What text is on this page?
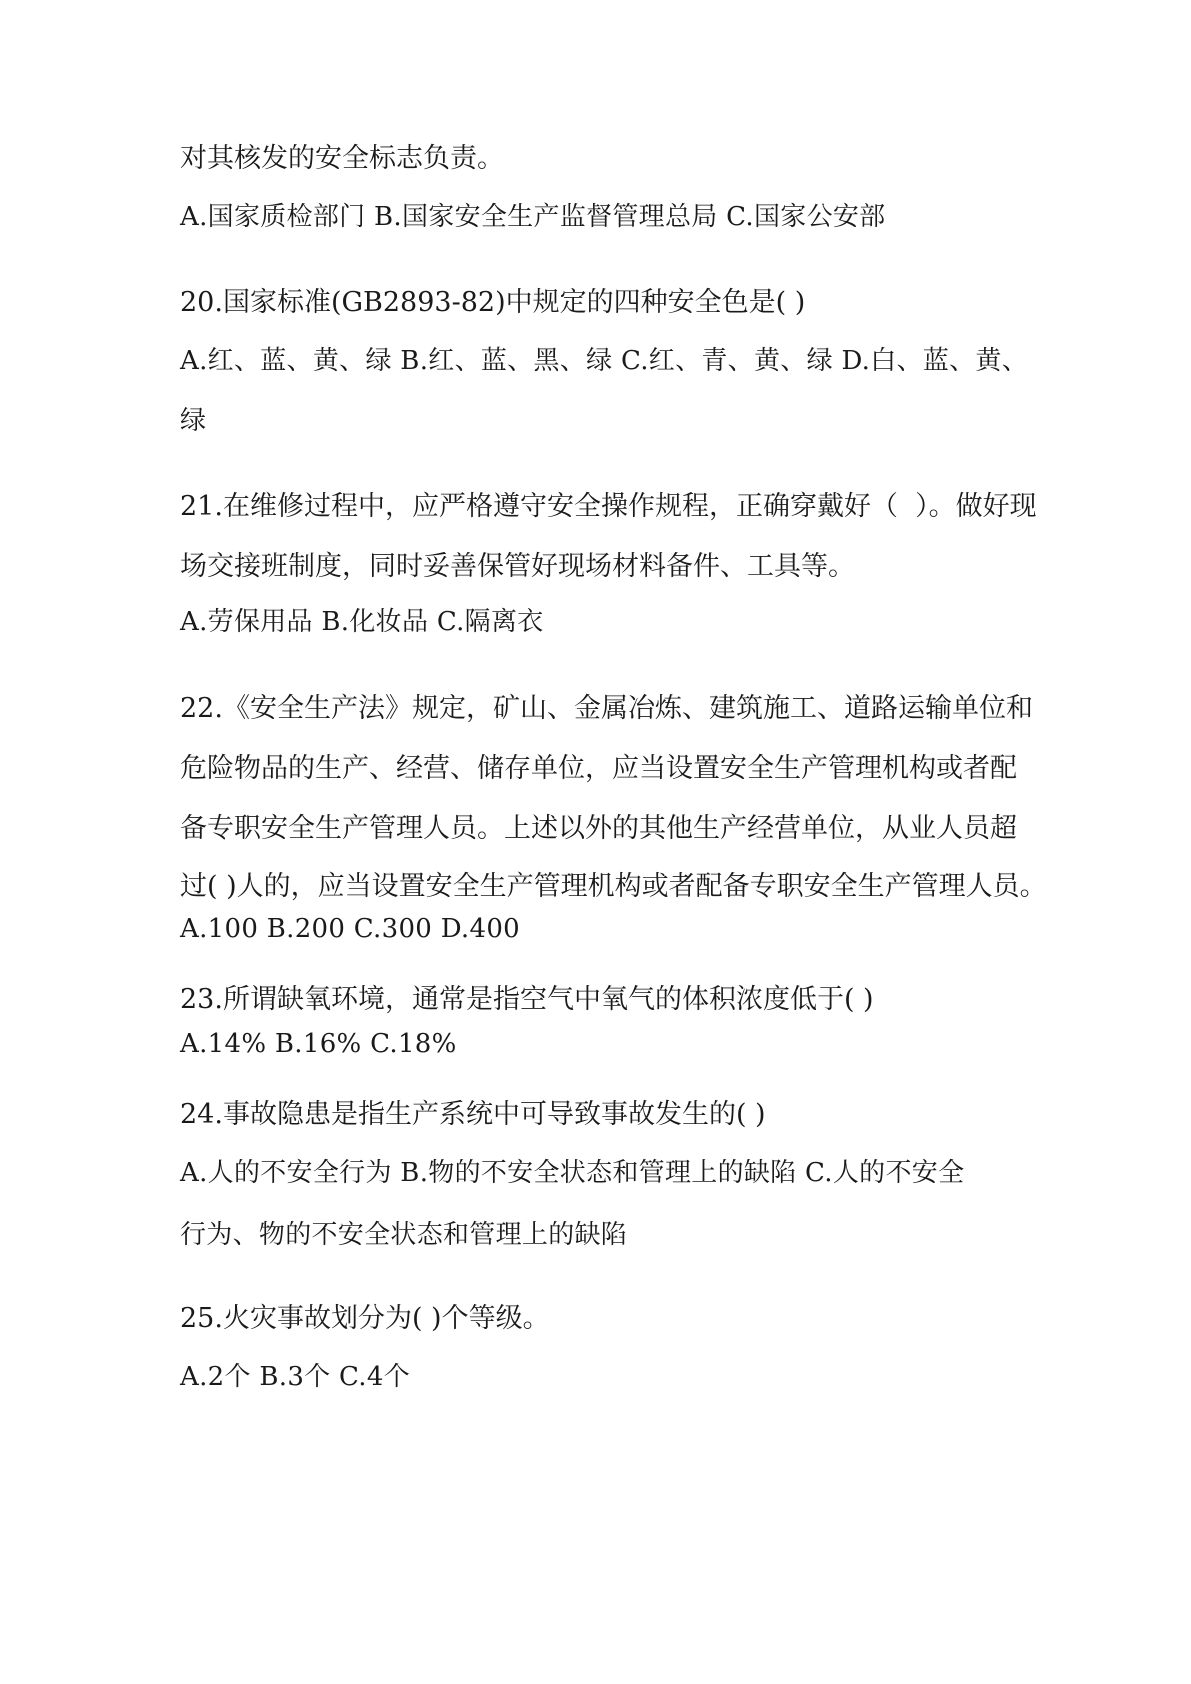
对其核发的安全标志负责。
A.国家质检部门 B.国家安全生产监督管理总局 C.国家公安部
20.国家标准(GB2893-82)中规定的四种安全色是( )
A.红、蓝、黄、绿 B.红、蓝、黑、绿 C.红、青、黄、绿 D.白、蓝、黄、
绿
21.在维修过程中，应严格遵守安全操作规程，正确穿戴好（  ）。做好现
场交接班制度，同时妥善保管好现场材料备件、工具等。
A.劳保用品 B.化妆品 C.隔离衣
22.《安全生产法》规定，矿山、金属冶炼、建筑施工、道路运输单位和
危险物品的生产、经营、储存单位，应当设置安全生产管理机构或者配
备专职安全生产管理人员。上述以外的其他生产经营单位，从业人员超
过( )人的，应当设置安全生产管理机构或者配备专职安全生产管理人员。
A.100 B.200 C.300 D.400
23.所谓缺氧环境，通常是指空气中氧气的体积浓度低于( )
A.14% B.16% C.18%
24.事故隐患是指生产系统中可导致事故发生的( )
A.人的不安全行为 B.物的不安全状态和管理上的缺陷 C.人的不安全
行为、物的不安全状态和管理上的缺陷
25.火灾事故划分为( )个等级。
A.2个 B.3个 C.4个
